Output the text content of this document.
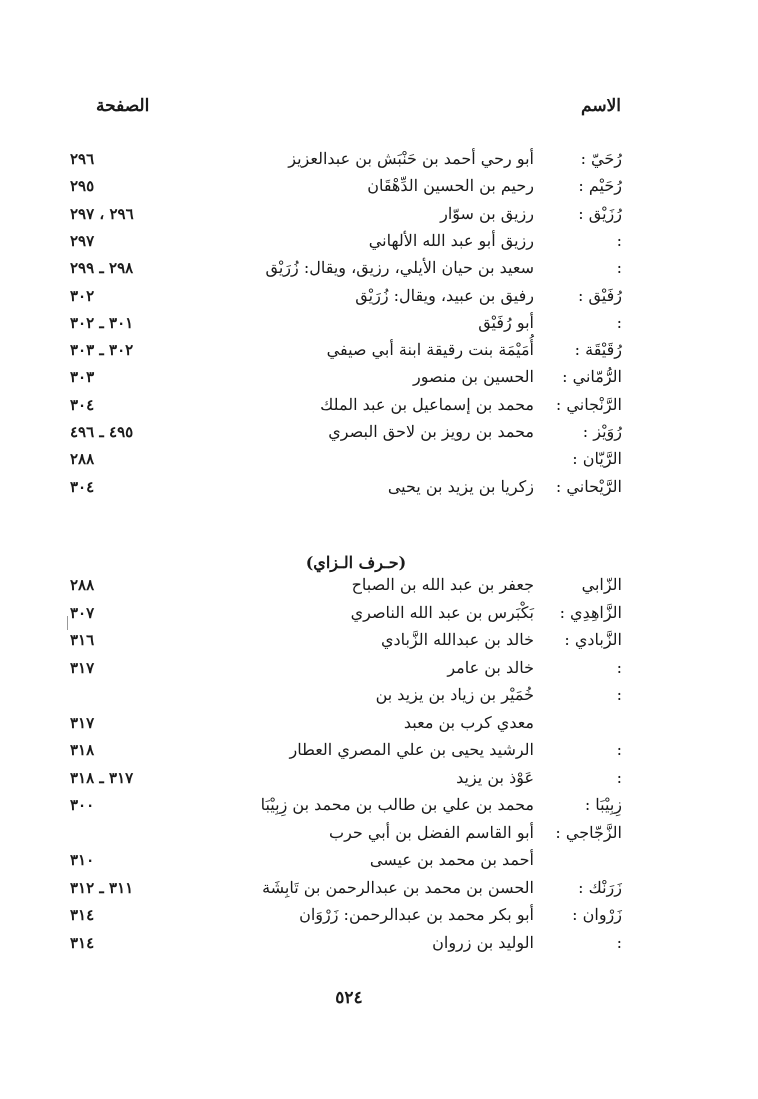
الاسم
الصفحة
رُحَيّ :
أبو رحي أحمد بن حَنْبَش بن عبدالعزيز
٢٩٦
رُحَيْم :
رحيم بن الحسين الدِّهْقَان
٢٩٥
رُزَيْق :
رزيق بن سوّار
٢٩٦ ، ٢٩٧
:
رزيق أبو عبد الله الألهاني
٢٩٧
:
سعيد بن حيان الأيلي، رزيق، ويقال: زُرَيْق
٢٩٨ ـ ٢٩٩
رُفَيْق :
رفيق بن عبيد، ويقال: زُرَيْق
٣٠٢
:
أبو رُفَيْق
٣٠١ ـ ٣٠٢
رُقَيْقَة :
أُمَيْمَة بنت رقيقة ابنة أبي صيفي
٣٠٢ ـ ٣٠٣
الرُّمّاني :
الحسين بن منصور
٣٠٣
الرَّنْجاني :
محمد بن إسماعيل بن عبد الملك
٣٠٤
رُوَيْز :
محمد بن رويز بن لاحق البصري
٤٩٥ ـ ٤٩٦
الرَّيّان :
٢٨٨
الرَّيْحاني :
زكريا بن يزيد بن يحيى
٣٠٤
(حـرف الـزاي)
الزّابي
جعفر بن عبد الله بن الصباح
٢٨٨
الزَّاهِدِي :
بَكْبَرس بن عبد الله الناصري
٣٠٧
الزَّبادي :
خالد بن عبدالله الزَّبادي
٣١٦
:
خالد بن عامر
٣١٧
:
خُمَيْر بن زياد بن يزيد بن
معدي كرب بن معبد
٣١٧
:
الرشيد يحيى بن علي المصري العطار
٣١٨
:
عَوْذ بن يزيد
٣١٧ ـ ٣١٨
زِبِيْبَا :
محمد بن علي بن طالب بن محمد بن زِبِيْبَا
٣٠٠
الزَّجّاجي :
أبو القاسم الفضل بن أبي حرب
أحمد بن محمد بن عيسى
٣١٠
زَرَنْك :
الحسن بن محمد بن عبدالرحمن بن تَابِشَة
٣١١ ـ ٣١٢
زَرْوان :
أبو بكر محمد بن عبدالرحمن: زَرْوَان
٣١٤
:
الوليد بن زروان
٣١٤
٥٢٤
